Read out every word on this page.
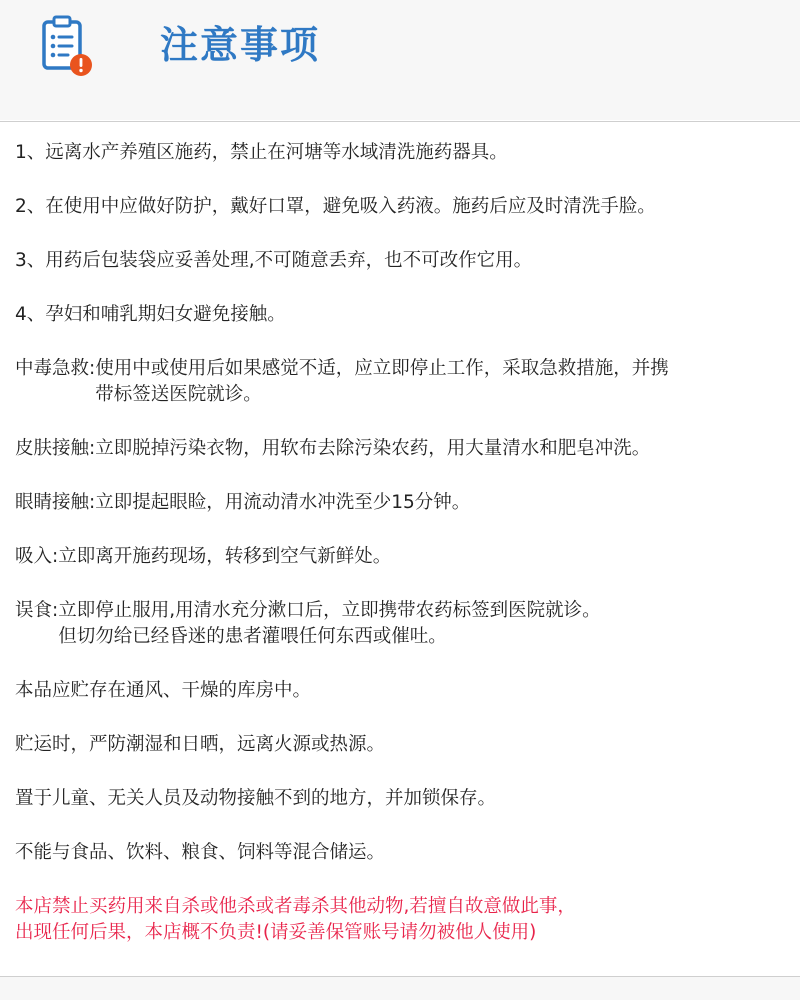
注意事项
1、远离水产养殖区施药，禁止在河塘等水域清洗施药器具。
2、在使用中应做好防护，戴好口罩，避免吸入药液。施药后应及时清洗手脸。
3、用药后包装袋应妥善处理,不可随意丢弃，也不可改作它用。
4、孕妇和哺乳期妇女避免接触。
中毒急救: 使用中或使用后如果感觉不适，应立即停止工作，采取急救措施，并携
带标签送医院就诊。
皮肤接触: 立即脱掉污染衣物，用软布去除污染农药，用大量清水和肥皂冲洗。
眼睛接触: 立即提起眼睑，用流动清水冲洗至少15分钟。
吸入: 立即离开施药现场，转移到空气新鲜处。
误食: 立即停止服用,用清水充分漱口后，立即携带农药标签到医院就诊。
但切勿给已经昏迷的患者灌喂任何东西或催吐。
本品应贮存在通风、干燥的库房中。
贮运时，严防潮湿和日晒，远离火源或热源。
置于儿童、无关人员及动物接触不到的地方，并加锁保存。
不能与食品、饮料、粮食、饲料等混合储运。
本店禁止买药用来自杀或他杀或者毒杀其他动物,若擅自故意做此事，
出现任何后果，本店概不负责!(请妥善保管账号请勿被他人使用)
